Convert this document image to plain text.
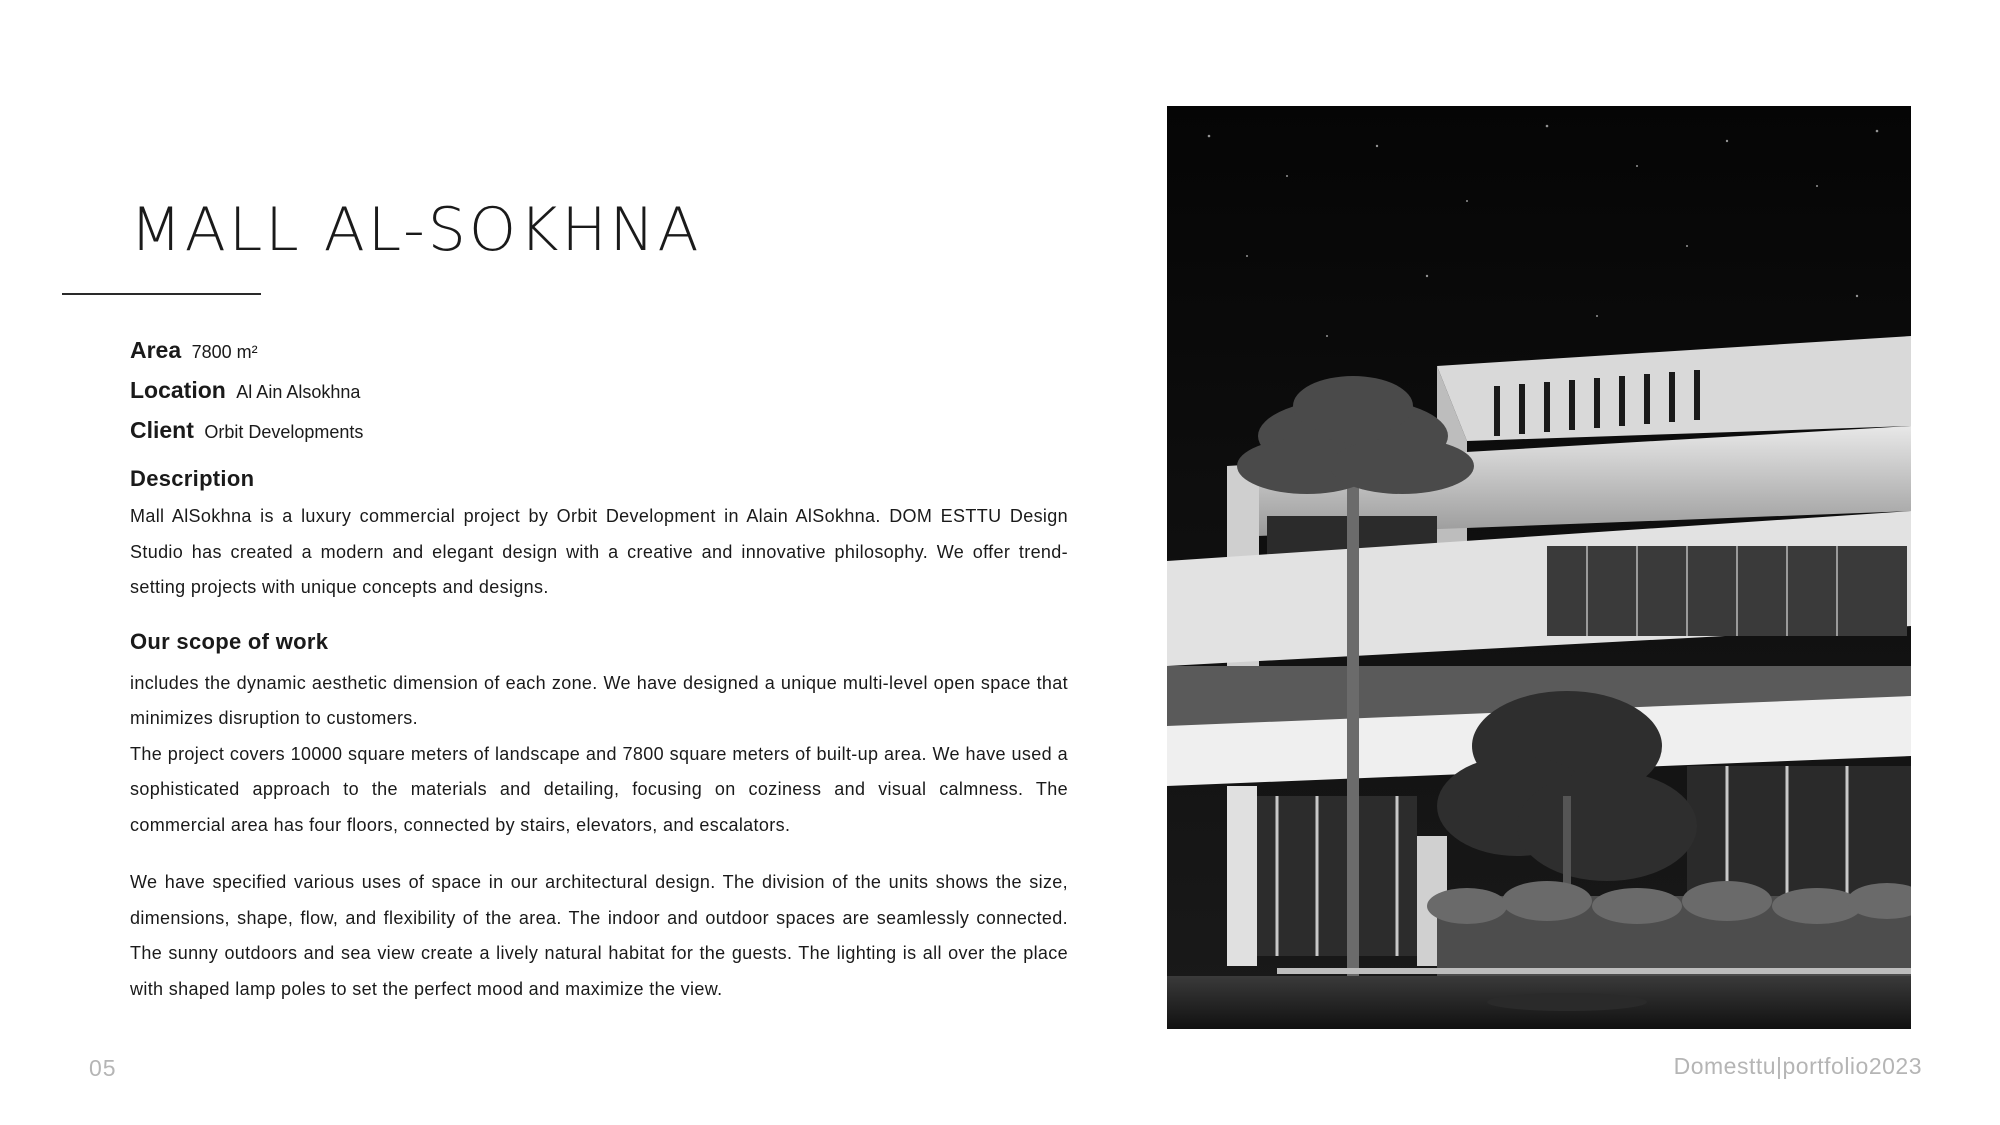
MALL AL-SOKHNA
Area 7800 m²
Location Al Ain Alsokhna
Client Orbit Developments
Description

Mall AlSokhna is a luxury commercial project by Orbit Development in Alain AlSokhna. DOM ESTTU Design Studio has created a modern and elegant design with a creative and innovative philosophy. We offer trend-setting projects with unique concepts and designs.

Our scope of work

includes the dynamic aesthetic dimension of each zone. We have designed a unique multi-level open space that minimizes disruption to customers.

The project covers 10000 square meters of landscape and 7800 square meters of built-up area. We have used a sophisticated approach to the materials and detailing, focusing on coziness and visual calmness. The commercial area has four floors, connected by stairs, elevators, and escalators.

We have specified various uses of space in our architectural design. The division of the units shows the size, dimensions, shape, flow, and flexibility of the area. The indoor and outdoor spaces are seamlessly connected. The sunny outdoors and sea view create a lively natural habitat for the guests. The lighting is all over the place with shaped lamp poles to set the perfect mood and maximize the view.

05	Domesttu|portfolio2023
